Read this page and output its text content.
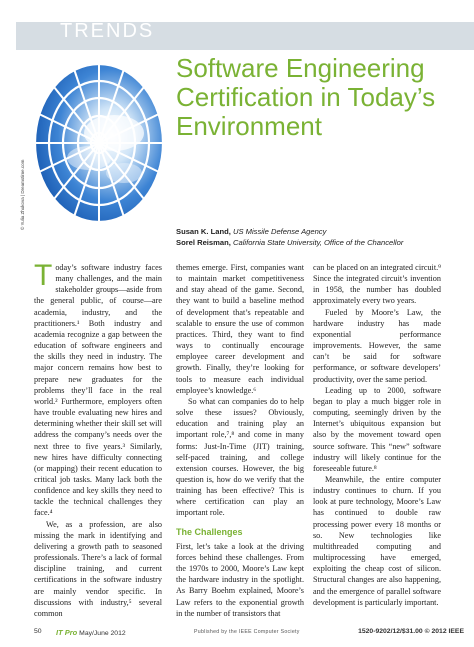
TRENDS
© Yulia Zhukova | Dreamstime.com
Software Engineering Certification in Today’s Environment
Susan K. Land, US Missile Defense Agency
Sorel Reisman, California State University, Office of the Chancellor

Today’s software industry faces many challenges, and the main stakeholder groups—aside from the general public, of course—are academia, industry, and the practitioners.¹ Both industry and academia recognize a gap between the education of software engineers and the skills they need in industry. The major concern remains how best to prepare new graduates for the problems they’ll face in the real world.² Furthermore, employers often have trouble evaluating new hires and determining whether their skill set will address the company’s needs over the next three to five years.³ Similarly, new hires have difficulty connecting (or mapping) their recent education to critical job tasks. Many lack both the confidence and key skills they need to tackle the technical challenges they face.⁴

We, as a profession, are also missing the mark in identifying and delivering a growth path to seasoned professionals. There’s a lack of formal discipline training, and current certifications in the software industry are mainly vendor specific. In discussions with industry,⁵ several common

themes emerge. First, companies want to maintain market competitiveness and stay ahead of the game. Second, they want to build a baseline method of development that’s repeatable and scalable to ensure the use of common practices. Third, they want to find ways to continually encourage employee career development and growth. Finally, they’re looking for tools to measure each individual employee’s knowledge.⁶

So what can companies do to help solve these issues? Obviously, education and training play an important role,⁷,⁸ and come in many forms: Just-In-Time (JIT) training, self-paced training, and college extension courses. However, the big question is, how do we verify that the training has been effective? This is where certification can play an important role.

The Challenges

First, let’s take a look at the driving forces behind these challenges. From the 1970s to 2000, Moore’s Law kept the hardware industry in the spotlight. As Barry Boehm explained, Moore’s Law refers to the exponential growth in the number of transistors that

can be placed on an integrated circuit.⁹ Since the integrated circuit’s invention in 1958, the number has doubled approximately every two years.

Fueled by Moore’s Law, the hardware industry has made exponential performance improvements. However, the same can’t be said for software performance, or software developers’ productivity, over the same period.

Leading up to 2000, software began to play a much bigger role in computing, seemingly driven by the Internet’s ubiquitous expansion but also by the movement toward open source software. This “new” software industry will likely continue for the foreseeable future.⁸

Meanwhile, the entire computer industry continues to churn. If you look at pure technology, Moore’s Law has continued to double raw processing power every 18 months or so. New technologies like multithreaded computing and multiprocessing have emerged, exploiting the cheap cost of silicon. Structural changes are also happening, and the emergence of parallel software development is particularly important.

50 IT Pro May/June 2012	Published by the IEEE Computer Society	1520-9202/12/$31.00 © 2012 IEEE
